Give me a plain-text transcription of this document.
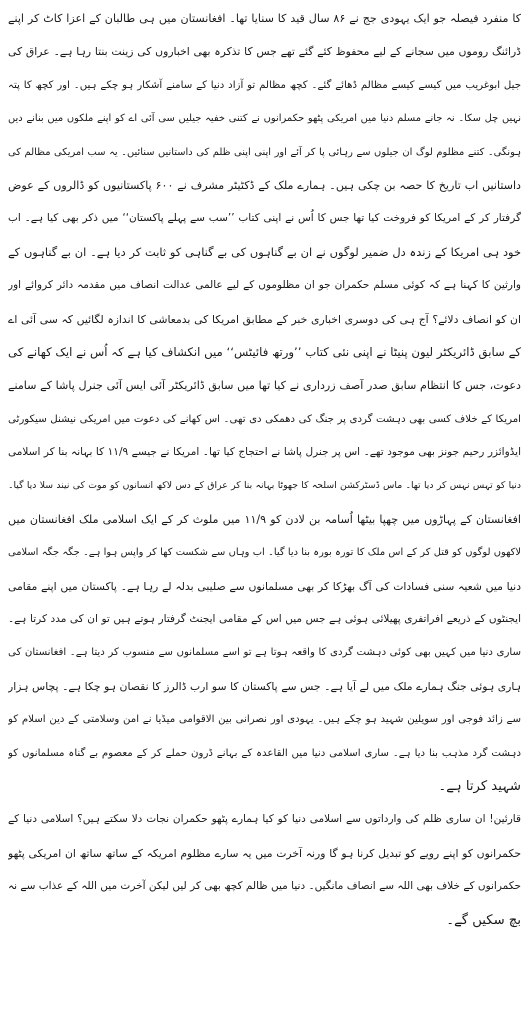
کا منفرد فیصلہ جو ایک یہودی جج نے ۸۶ سال قید کا سنایا تھا۔ افغانستان میں ہی طالبان کے اعزا کاٹ کر اپنے
ڈرائنگ روموں میں سجانے کے لیے محفوظ کئے گئے تھے جس کا تذکرہ بھی اخباروں کی زینت بنتا رہا ہے۔ عراق کی
جیل ابوغریب میں کیسے کیسے مظالم ڈھائے گئے۔ کچھ مظالم تو آزاد دنیا کے سامنے آشکار ہو چکے ہیں۔ اور کچھ کا پتہ
نہیں چل سکا۔ نہ جانے مسلم دنیا میں امریکی پٹھو حکمرانوں نے کتنی خفیہ جیلیں سی آئی اے کو اپنے ملکوں میں بنانے دیں
ہونگی۔ کتنے مظلوم لوگ ان جیلوں سے رہائی پا کر آئے اور اپنی اپنی ظلم کی داستانیں سنائیں۔ یہ سب امریکی مظالم کی
داستانیں اب تاریخ کا حصہ بن چکی ہیں۔ ہمارے ملک کے ڈکٹیٹر مشرف نے ۶۰۰ پاکستانیوں کو ڈالروں کے عوض
گرفتار کر کے امریکا کو فروخت کیا تھا جس کا اُس نے اپنی کتاب ’’سب سے پہلے پاکستان‘‘ میں ذکر بھی کیا ہے۔ اب
خود ہی امریکا کے زندہ دل ضمیر لوگوں نے ان بے گناہوں کی بے گناہی کو ثابت کر دیا ہے۔ ان بے گناہوں کے
وارثین کا کہنا ہے کہ کوئی مسلم حکمران جو ان مظلوموں کے لیے عالمی عدالت انصاف میں مقدمہ دائر کروائے اور
ان کو انصاف دلائے؟ آج ہی کی دوسری اخباری خبر کے مطابق امریکا کی بدمعاشی کا اندازہ لگائیں کہ سی آئی اے
کے سابق ڈائریکٹر لیون پنیٹا نے اپنی نئی کتاب ’’ورتھ فائیٹس‘‘ میں انکشاف کیا ہے کہ اُس نے ایک کھانے کی
دعوت، جس کا انتظام سابق صدر آصف زرداری نے کیا تھا میں سابق ڈائریکٹر آئی ایس آئی جنرل پاشا کے سامنے
امریکا کے خلاف کسی بھی دہشت گردی پر جنگ کی دھمکی دی تھی۔ اس کھانے کی دعوت میں امریکی نیشنل سیکورٹی
ایڈوائزر رحیم جونز بھی موجود تھے۔ اس پر جنرل پاشا نے احتجاج کیا تھا۔ امریکا نے جیسے ۱۱/۹ کا بہانہ بنا کر اسلامی
دنیا کو تہس نہس کر دیا تھا۔ ماس ڈسٹرکشن اسلحہ کا جھوٹا بہانہ بنا کر عراق کے دس لاکھ انسانوں کو موت کی نیند سلا دیا گیا۔
افغانستان کے پہاڑوں میں چھپا بیٹھا اُسامہ بن لادن کو ۱۱/۹ میں ملوث کر کے ایک اسلامی ملک افغانستان میں
لاکھوں لوگوں کو قتل کر کے اس ملک کا تورہ بورہ بنا دیا گیا۔ اب وہاں سے شکست کھا کر واپس ہوا ہے۔ جگہ جگہ اسلامی
دنیا میں شعیہ سنی فسادات کی آگ بھڑکا کر بھی مسلمانوں سے صلیبی بدلہ لے رہا ہے۔ پاکستان میں اپنے مقامی
ایجنٹوں کے ذریعے افراتفری پھیلائی ہوئی ہے جس میں اس کے مقامی ایجنٹ گرفتار ہوتے ہیں تو ان کی مدد کرتا ہے۔
ساری دنیا میں کہیں بھی کوئی دہشت گردی کا واقعہ ہوتا ہے تو اسے مسلمانوں سے منسوب کر دیتا ہے۔ افغانستان کی
ہاری ہوئی جنگ ہمارے ملک میں لے آیا ہے۔ جس سے پاکستان کا سو ارب ڈالرز کا نقصان ہو چکا ہے۔ پچاس ہزار
سے زائد فوجی اور سویلین شہید ہو چکے ہیں۔ یہودی اور نصرانی بین الاقوامی میڈیا نے امن وسلامتی کے دین اسلام کو
دہشت گرد مذہب بنا دیا ہے۔ ساری اسلامی دنیا میں القاعدہ کے بہانے ڈرون حملے کر کے معصوم بے گناہ مسلمانوں کو
شہید کرتا ہے۔
قارئین! ان ساری ظلم کی وارداتوں سے اسلامی دنیا کو کیا ہمارے پٹھو حکمران نجات دلا سکتے ہیں؟ اسلامی دنیا کے
حکمرانوں کو اپنے رویے کو تبدیل کرنا ہو گا ورنہ آخرت میں یہ سارے مظلوم امریکہ کے ساتھ ساتھ ان امریکی پٹھو
حکمرانوں کے خلاف بھی اللہ سے انصاف مانگیں۔ دنیا میں ظالم کچھ بھی کر لیں لیکن آخرت میں اللہ کے عذاب سے نہ
بچ سکیں گے۔
